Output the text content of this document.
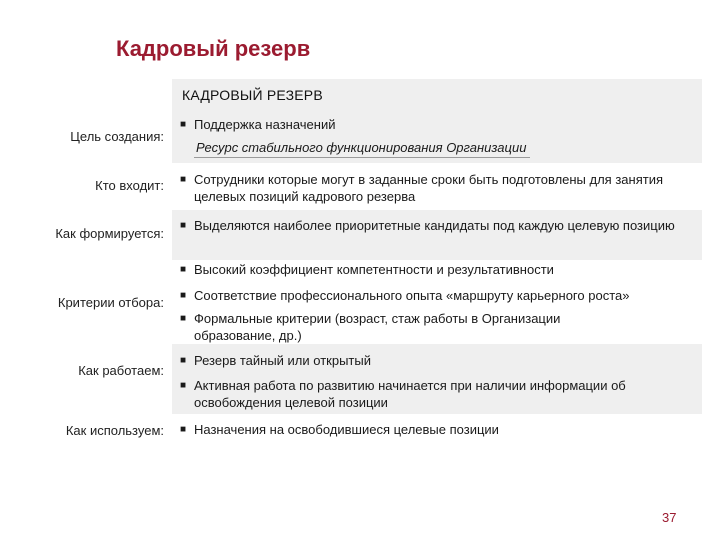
Кадровый резерв
КАДРОВЫЙ РЕЗЕРВ
Цель создания:
■ Поддержка назначений
Ресурс стабильного функционирования Организации
Кто входит: ■ Сотрудники которые могут в заданные сроки быть подготовлены для занятия целевых позиций кадрового резерва
Как формируется:
■ Выделяются наиболее приоритетные кандидаты под каждую целевую позицию
Критерии отбора:
■ Высокий коэффициент компетентности и результативности
■ Соответствие профессионального опыта «маршруту карьерного роста»
■ Формальные критерии (возраст, стаж работы в Организации образование, др.)
Как работаем:
■ Резерв тайный или открытый
■ Активная работа по развитию начинается при наличии информации об освобождения целевой позиции
Как используем: ■ Назначения на освободившиеся целевые позиции
37
